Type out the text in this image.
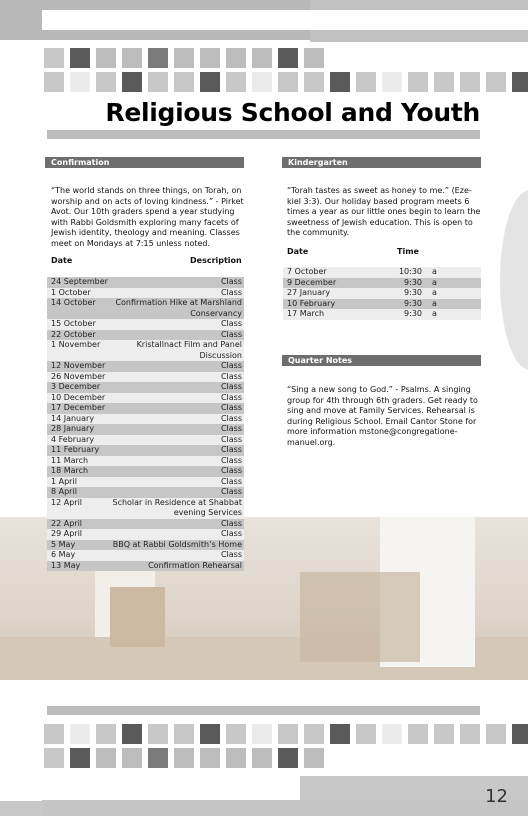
Religious School and Youth
Confirmation
“The world stands on three things, on Torah, on worship and on acts of loving kindness.” - Pirket Avot. Our 10th graders spend a year studying with Rabbi Goldsmith exploring many facets of Jewish identity, theology and meaning. Classes meet on Mondays at 7:15 unless noted.
Date	Description
24 September	Class
1 October	Class
14 October	Confirmation Hike at Marshland Conservancy
15 October	Class
22 October	Class
1 November	Kristallnact Film and Panel Discussion
12 November	Class
26 November	Class
3 December	Class
10 December	Class
17 December	Class
14 January	Class
28 January	Class
4 February	Class
11 February	Class
11 March	Class
18 March	Class
1 April	Class
8 April	Class
12 April	Scholar in Residence at Shabbat evening Services
22 April	Class
29 April	Class
5 May	BBQ at Rabbi Goldsmith’s Home
6 May	Class
13 May	Confirmation Rehearsal
Kindergarten
“Torah tastes as sweet as honey to me.” (Eze-kiel 3:3). Our holiday based program meets 6 times a year as our little ones begin to learn the sweetness of Jewish education. This is open to the community.
Date	Time
7 October	10:30	a
9 December	9:30	a
27 January	9:30	a
10 February	9:30	a
17 March	9:30	a
Quarter Notes
“Sing a new song to God.” - Psalms. A singing group for 4th through 6th graders. Get ready to sing and move at Family Services. Rehearsal is during Religious School. Email Cantor Stone for more information mstone@congregatione-manuel.org.
12
